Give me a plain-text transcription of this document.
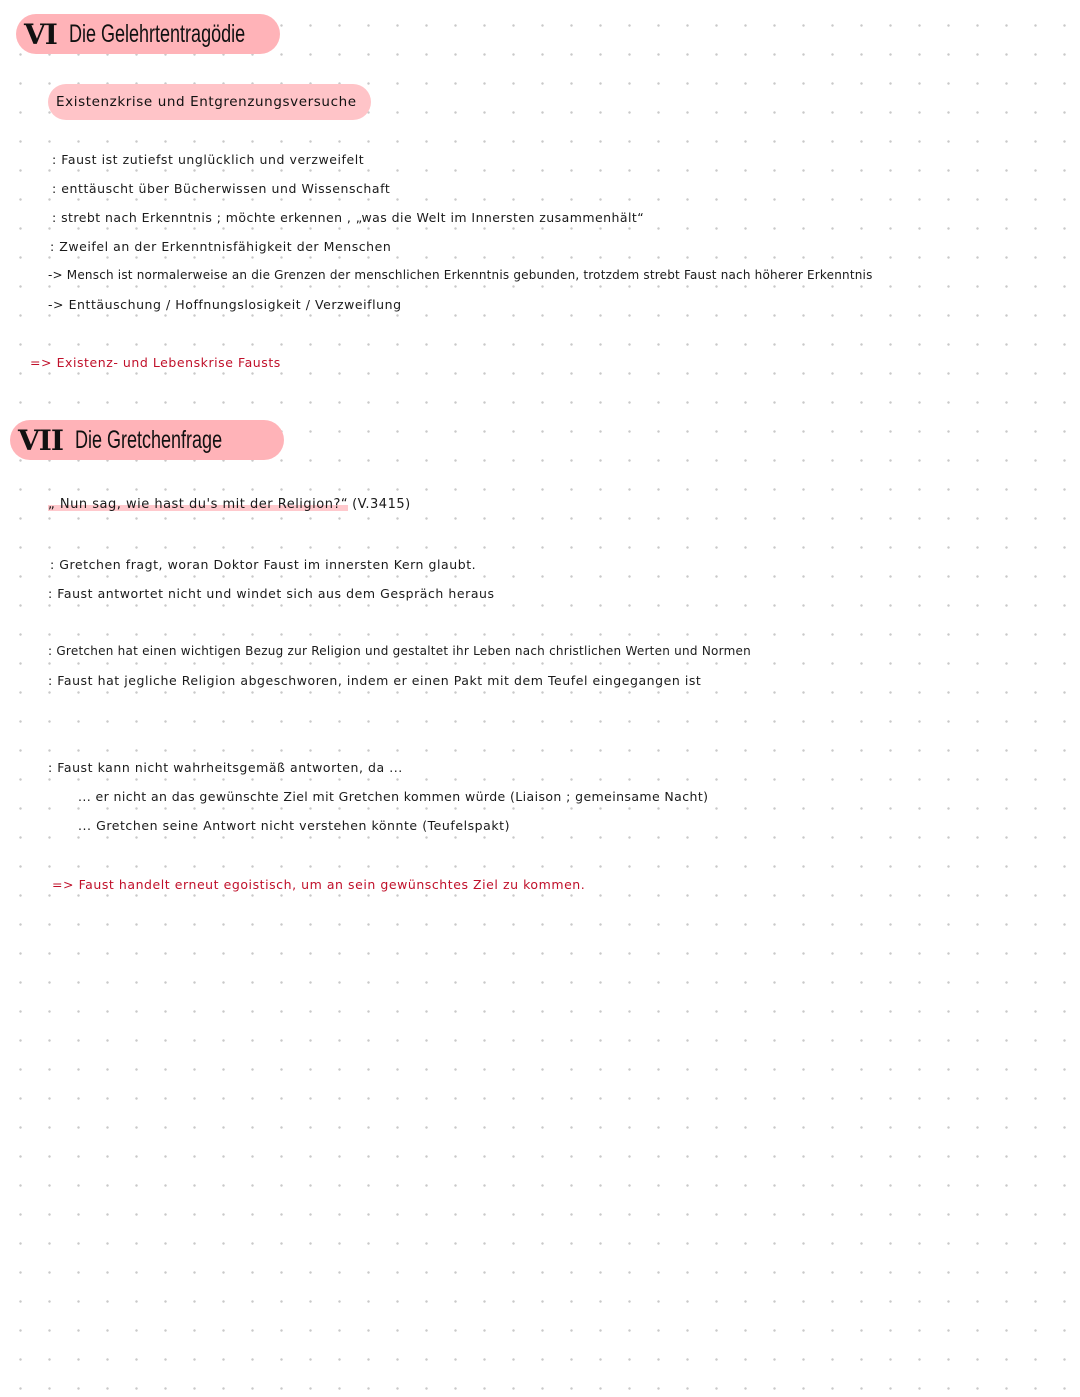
VI Die Gelehrtentragödie
Existenzkrise und Entgrenzungsversuche
: Faust ist zutiefst unglücklich und verzweifelt
: enttäuscht über Bücherwissen und Wissenschaft
: strebt nach Erkenntnis ; möchte erkennen , „was die Welt im Innersten zusammenhält“
: Zweifel an der Erkenntnisfähigkeit der Menschen
-> Mensch ist normalerweise an die Grenzen der menschlichen Erkenntnis gebunden, trotzdem strebt Faust nach höherer Erkenntnis
-> Enttäuschung / Hoffnungslosigkeit / Verzweiflung
=> Existenz- und Lebenskrise Fausts
VII Die Gretchenfrage
„ Nun sag, wie hast du's mit der Religion?“ (V.3415)
: Gretchen fragt, woran Doktor Faust im innersten Kern glaubt.
: Faust antwortet nicht und windet sich aus dem Gespräch heraus
: Gretchen hat einen wichtigen Bezug zur Religion und gestaltet ihr Leben nach christlichen Werten und Normen
: Faust hat jegliche Religion abgeschworen, indem er einen Pakt mit dem Teufel eingegangen ist
: Faust kann nicht wahrheitsgemäß antworten, da ...
... er nicht an das gewünschte Ziel mit Gretchen kommen würde (Liaison ; gemeinsame Nacht)
... Gretchen seine Antwort nicht verstehen könnte (Teufelspakt)
=> Faust handelt erneut egoistisch, um an sein gewünschtes Ziel zu kommen.
